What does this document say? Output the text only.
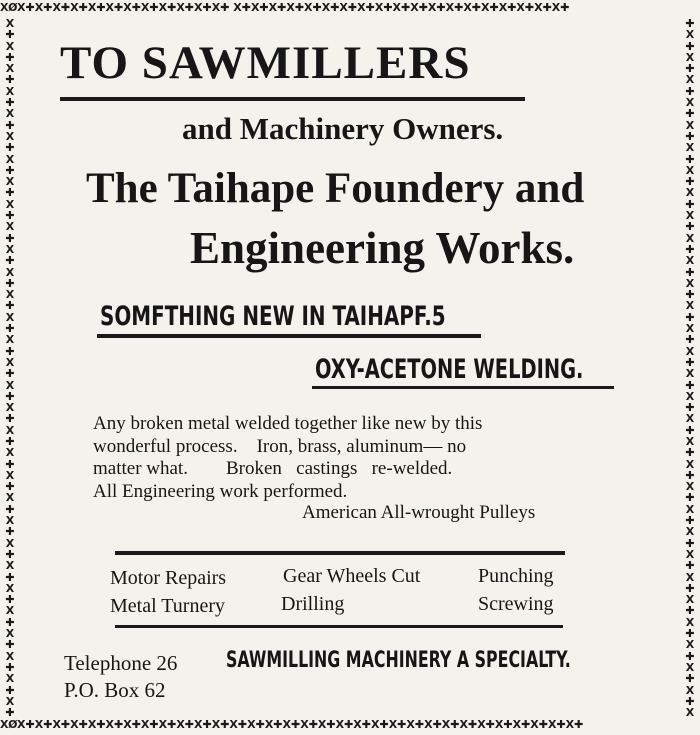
XØX✚X✚X✚X✚X✚X✚X✚X✚X✚X✚X✚X✚ X✚X✚X✚X✚X✚X✚X✚X✚X✚X✚X✚X✚X✚X✚X✚X✚X✚X✚X✚
XØX✚X✚X✚X✚X✚X✚X✚X✚X✚X✚X✚X✚X✚X✚X✚X✚X✚X✚X✚X✚X✚X✚X✚X✚X✚X✚X✚X✚X✚X✚X✚X✚
X✚X✚X✚X✚X✚X✚X✚X✚X✚X✚X✚X✚X✚X✚X✚X✚X✚X✚X✚X✚X✚X✚X✚X✚X✚X✚X✚X✚X✚X✚X✚
✚X✚X✚X✚X✚X✚X✚X✚X✚X✚X✚X✚X✚X✚X✚X✚X✚X✚X✚X✚X✚X✚X✚X✚X✚X✚X✚X✚X✚X✚X✚X
TO SAWMILLERS
and Machinery Owners.
The Taihape Foundery and
Engineering Works.
SOMFTHING NEW IN TAIHAPF.5
OXY-ACETONE WELDING.
Any broken metal welded together like new by this
wonderful process.    Iron, brass, aluminum— no
matter what.        Broken   castings   re-welded.
All Engineering work performed.
American All-wrought Pulleys
Motor Repairs	Gear Wheels Cut	Punching
Metal Turnery	Drilling	Screwing
Telephone 26
P.O. Box 62
SAWMILLING MACHINERY A SPECIALTY.
